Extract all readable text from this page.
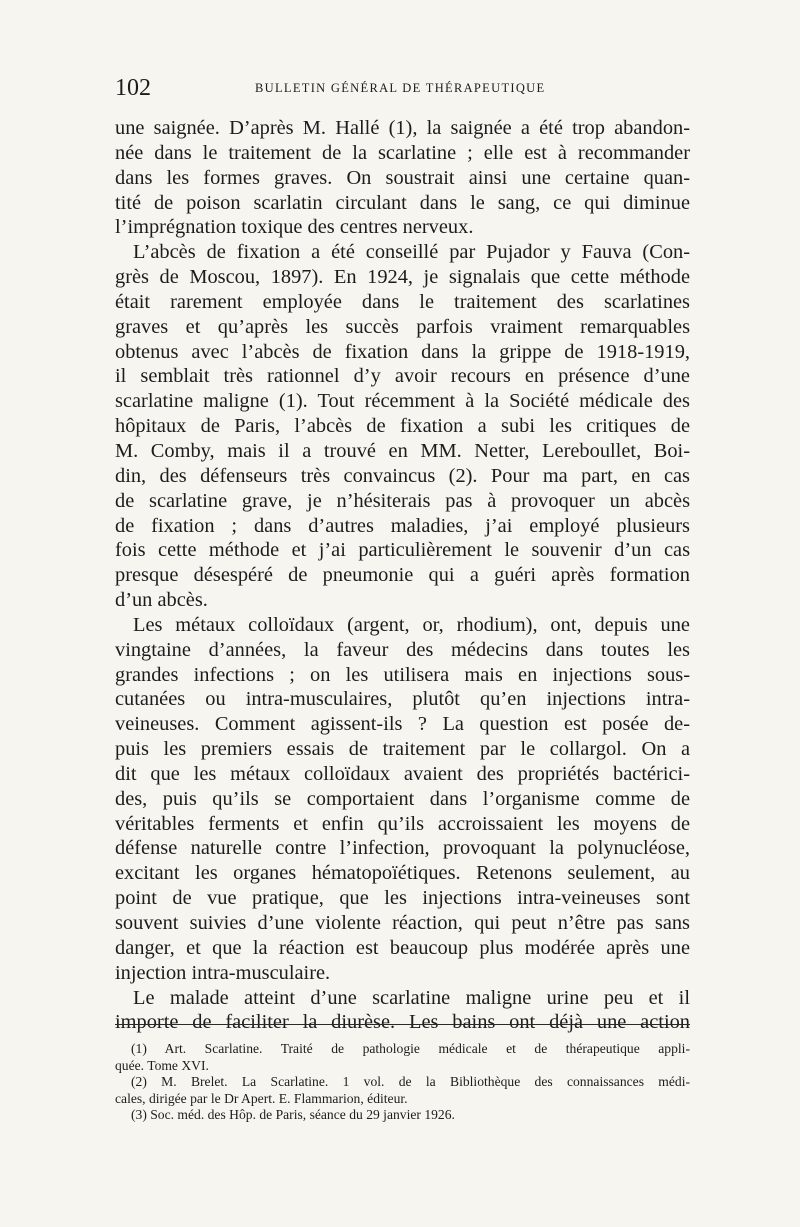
102	BULLETIN GÉNÉRAL DE THÉRAPEUTIQUE
une saignée. D’après M. Hallé (1), la saignée a été trop abandon-
née dans le traitement de la scarlatine ; elle est à recommander
dans les formes graves. On soustrait ainsi une certaine quan-
tité de poison scarlatin circulant dans le sang, ce qui diminue
l’imprégnation toxique des centres nerveux.
L’abcès de fixation a été conseillé par Pujador y Fauva (Con-
grès de Moscou, 1897). En 1924, je signalais que cette méthode
était rarement employée dans le traitement des scarlatines
graves et qu’après les succès parfois vraiment remarquables
obtenus avec l’abcès de fixation dans la grippe de 1918-1919,
il semblait très rationnel d’y avoir recours en présence d’une
scarlatine maligne (1). Tout récemment à la Société médicale des
hôpitaux de Paris, l’abcès de fixation a subi les critiques de
M. Comby, mais il a trouvé en MM. Netter, Lereboullet, Boi-
din, des défenseurs très convaincus (2). Pour ma part, en cas
de scarlatine grave, je n’hésiterais pas à provoquer un abcès
de fixation ; dans d’autres maladies, j’ai employé plusieurs
fois cette méthode et j’ai particulièrement le souvenir d’un cas
presque désespéré de pneumonie qui a guéri après formation
d’un abcès.
Les métaux colloïdaux (argent, or, rhodium), ont, depuis une
vingtaine d’années, la faveur des médecins dans toutes les
grandes infections ; on les utilisera mais en injections sous-
cutanées ou intra-musculaires, plutôt qu’en injections intra-
veineuses. Comment agissent-ils ? La question est posée de-
puis les premiers essais de traitement par le collargol. On a
dit que les métaux colloïdaux avaient des propriétés bactérici-
des, puis qu’ils se comportaient dans l’organisme comme de
véritables ferments et enfin qu’ils accroissaient les moyens de
défense naturelle contre l’infection, provoquant la polynucléose,
excitant les organes hématopoïétiques. Retenons seulement, au
point de vue pratique, que les injections intra-veineuses sont
souvent suivies d’une violente réaction, qui peut n’être pas sans
danger, et que la réaction est beaucoup plus modérée après une
injection intra-musculaire.
Le malade atteint d’une scarlatine maligne urine peu et il
importe de faciliter la diurèse. Les bains ont déjà une action
(1) Art. Scarlatine. Traité de pathologie médicale et de thérapeutique appli-
quée. Tome XVI.
(2) M. Brelet. La Scarlatine. 1 vol. de la Bibliothèque des connaissances médi-
cales, dirigée par le Dr Apert. E. Flammarion, éditeur.
(3) Soc. méd. des Hôp. de Paris, séance du 29 janvier 1926.
